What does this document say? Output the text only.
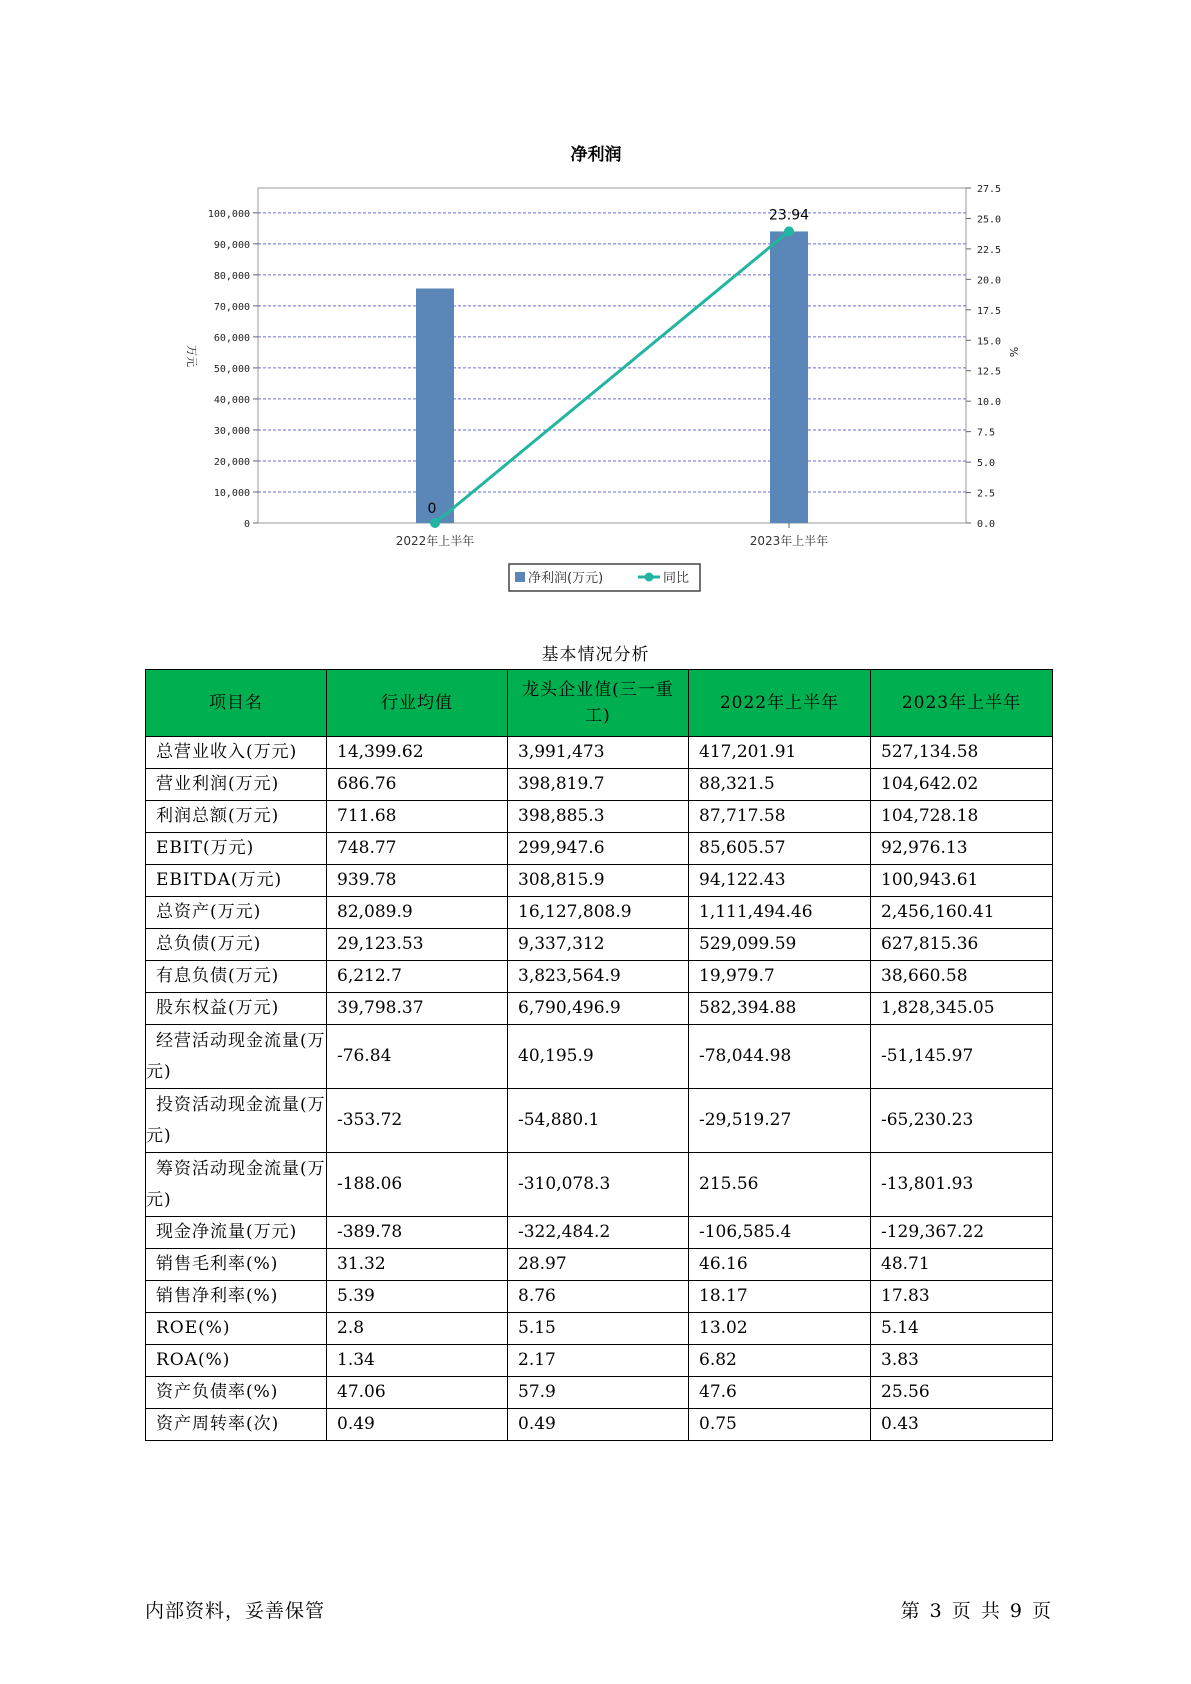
净利润
0
10,000
20,000
30,000
40,000
50,000
60,000
70,000
80,000
90,000
100,000
0.0
2.5
5.0
7.5
10.0
12.5
15.0
17.5
20.0
22.5
25.0
27.5
万元	%
2022年上半年	2023年上半年
0
23.94
净利润(万元)	同比
基本情况分析
项目名	行业均值	龙头企业值(三一重工)	2022年上半年	2023年上半年
总营业收入(万元)	14,399.62	3,991,473	417,201.91	527,134.58
营业利润(万元)	686.76	398,819.7	88,321.5	104,642.02
利润总额(万元)	711.68	398,885.3	87,717.58	104,728.18
EBIT(万元)	748.77	299,947.6	85,605.57	92,976.13
EBITDA(万元)	939.78	308,815.9	94,122.43	100,943.61
总资产(万元)	82,089.9	16,127,808.9	1,111,494.46	2,456,160.41
总负债(万元)	29,123.53	9,337,312	529,099.59	627,815.36
有息负债(万元)	6,212.7	3,823,564.9	19,979.7	38,660.58
股东权益(万元)	39,798.37	6,790,496.9	582,394.88	1,828,345.05
经营活动现金流量(万元)	-76.84	40,195.9	-78,044.98	-51,145.97
投资活动现金流量(万元)	-353.72	-54,880.1	-29,519.27	-65,230.23
筹资活动现金流量(万元)	-188.06	-310,078.3	215.56	-13,801.93
现金净流量(万元)	-389.78	-322,484.2	-106,585.4	-129,367.22
销售毛利率(%)	31.32	28.97	46.16	48.71
销售净利率(%)	5.39	8.76	18.17	17.83
ROE(%)	2.8	5.15	13.02	5.14
ROA(%)	1.34	2.17	6.82	3.83
资产负债率(%)	47.06	57.9	47.6	25.56
资产周转率(次)	0.49	0.49	0.75	0.43
内部资料，妥善保管	第 3 页 共 9 页
